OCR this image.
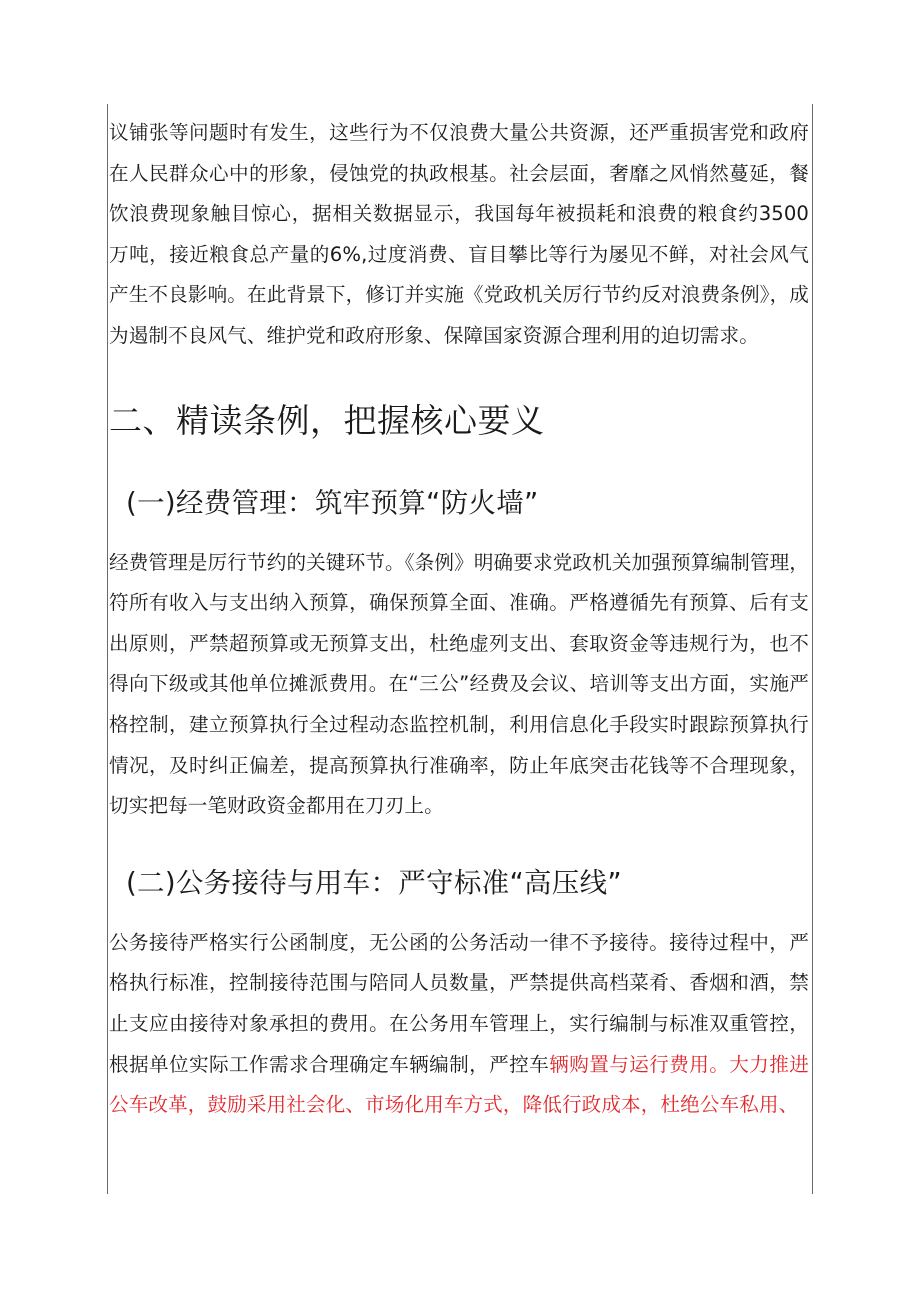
议铺张等问题时有发生，这些行为不仅浪费大量公共资源，还严重损害党和政府在人民群众心中的形象，侵蚀党的执政根基。社会层面，奢靡之风悄然蔓延，餐饮浪费现象触目惊心，据相关数据显示，我国每年被损耗和浪费的粮食约3500万吨，接近粮食总产量的6%,过度消费、盲目攀比等行为屡见不鲜，对社会风气产生不良影响。在此背景下，修订并实施《党政机关厉行节约反对浪费条例》，成为遏制不良风气、维护党和政府形象、保障国家资源合理利用的迫切需求。

二、精读条例，把握核心要义
(一)经费管理：筑牢预算“防火墙”

经费管理是厉行节约的关键环节。《条例》明确要求党政机关加强预算编制管理，符所有收入与支出纳入预算，确保预算全面、准确。严格遵循先有预算、后有支出原则，严禁超预算或无预算支出，杜绝虚列支出、套取资金等违规行为，也不得向下级或其他单位摊派费用。在“三公”经费及会议、培训等支出方面，实施严格控制，建立预算执行全过程动态监控机制，利用信息化手段实时跟踪预算执行情况，及时纠正偏差，提高预算执行准确率，防止年底突击花钱等不合理现象，切实把每一笔财政资金都用在刀刃上。

(二)公务接待与用车：严守标准“高压线”

公务接待严格实行公函制度，无公函的公务活动一律不予接待。接待过程中，严格执行标准，控制接待范围与陪同人员数量，严禁提供高档菜肴、香烟和酒，禁止支应由接待对象承担的费用。在公务用车管理上，实行编制与标准双重管控，根据单位实际工作需求合理确定车辆编制，严控车辆购置与运行费用。大力推进公车改革，鼓励采用社会化、市场化用车方式，降低行政成本，杜绝公车私用、
